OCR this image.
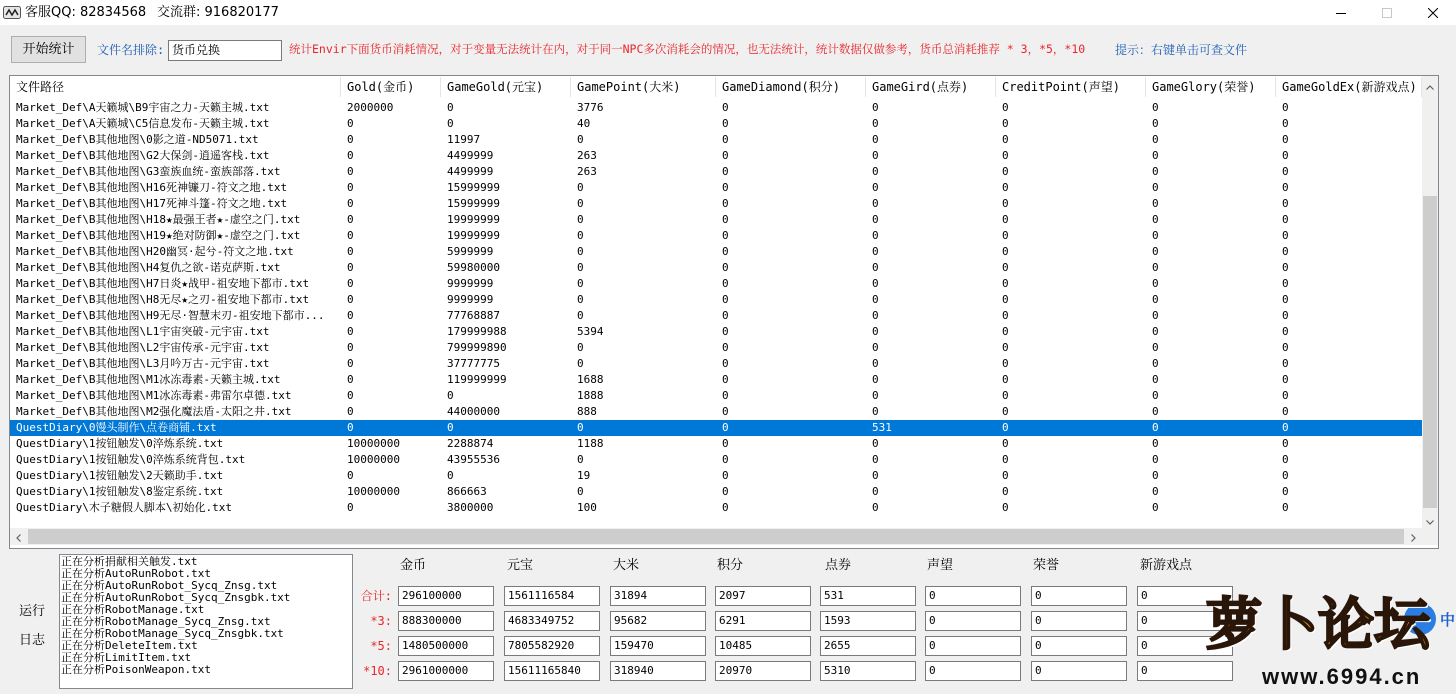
客服QQ: 82834568 交流群: 916820177
开始统计	文件名排除: 货币兑换	统计Envir下面货币消耗情况，对于变量无法统计在内，对于同一NPC多次消耗会的情况，也无法统计，统计数据仅做参考，货币总消耗推荐 * 3，*5，*10	提示：右键单击可查文件
文件路径	Gold(金币)	GameGold(元宝)	GamePoint(大米)	GameDiamond(积分)	GameGird(点券)	CreditPoint(声望)	GameGlory(荣誉)	GameGoldEx(新游戏点)
Market_Def\A天籁城\B9宇宙之力-天籁主城.txt	2000000	0	3776	0	0	0	0	0
Market_Def\A天籁城\C5信息发布-天籁主城.txt	0	0	40	0	0	0	0	0
Market_Def\B其他地图\0影之道-ND5071.txt	0	11997	0	0	0	0	0	0
Market_Def\B其他地图\G2大保剑-逍遥客栈.txt	0	4499999	263	0	0	0	0	0
Market_Def\B其他地图\G3蛮族血统-蛮族部落.txt	0	4499999	263	0	0	0	0	0
Market_Def\B其他地图\H16死神镰刀-符文之地.txt	0	15999999	0	0	0	0	0	0
Market_Def\B其他地图\H17死神斗篷-符文之地.txt	0	15999999	0	0	0	0	0	0
Market_Def\B其他地图\H18★最强王者★-虚空之门.txt	0	19999999	0	0	0	0	0	0
Market_Def\B其他地图\H19★绝对防御★-虚空之门.txt	0	19999999	0	0	0	0	0	0
Market_Def\B其他地图\H20幽冥·起兮-符文之地.txt	0	5999999	0	0	0	0	0	0
Market_Def\B其他地图\H4复仇之欲-诺克萨斯.txt	0	59980000	0	0	0	0	0	0
Market_Def\B其他地图\H7日炎★战甲-祖安地下都市.txt	0	9999999	0	0	0	0	0	0
Market_Def\B其他地图\H8无尽★之刃-祖安地下都市.txt	0	9999999	0	0	0	0	0	0
Market_Def\B其他地图\H9无尽·智慧末刃-祖安地下都市...	0	77768887	0	0	0	0	0	0
Market_Def\B其他地图\L1宇宙突破-元宇宙.txt	0	179999988	5394	0	0	0	0	0
Market_Def\B其他地图\L2宇宙传承-元宇宙.txt	0	799999890	0	0	0	0	0	0
Market_Def\B其他地图\L3月吟万古-元宇宙.txt	0	37777775	0	0	0	0	0	0
Market_Def\B其他地图\M1冰冻毒素-天籁主城.txt	0	119999999	1688	0	0	0	0	0
Market_Def\B其他地图\M1冰冻毒素-弗雷尔卓德.txt	0	0	1888	0	0	0	0	0
Market_Def\B其他地图\M2强化魔法盾-太阳之井.txt	0	44000000	888	0	0	0	0	0
QuestDiary\0馒头制作\点卷商铺.txt	0	0	0	0	531	0	0	0
QuestDiary\1按钮触发\0淬炼系统.txt	10000000	2288874	1188	0	0	0	0	0
QuestDiary\1按钮触发\0淬炼系统背包.txt	10000000	43955536	0	0	0	0	0	0
QuestDiary\1按钮触发\2天籁助手.txt	0	0	19	0	0	0	0	0
QuestDiary\1按钮触发\8鉴定系统.txt	10000000	866663	0	0	0	0	0	0
QuestDiary\木子糖假人脚本\初始化.txt	0	3800000	100	0	0	0	0	0
运行
日志
正在分析捐献相关触发.txt
正在分析AutoRunRobot.txt
正在分析AutoRunRobot_Sycq_Znsg.txt
正在分析AutoRunRobot_Sycq_Znsgbk.txt
正在分析RobotManage.txt
正在分析RobotManage_Sycq_Znsg.txt
正在分析RobotManage_Sycq_Znsgbk.txt
正在分析DeleteItem.txt
正在分析LimitItem.txt
正在分析PoisonWeapon.txt
金币	元宝	大米	积分	点券	声望	荣誉	新游戏点
合计: 296100000	1561116584	31894	2097	531	0	0	0
*3: 888300000	4683349752	95682	6291	1593	0	0	0
*5: 1480500000	7805582920	159470	10485	2655	0	0	0
*10: 2961000000	15611165840	318940	20970	5310	0	0	0
中
萝卜论坛
www.6994.cn
